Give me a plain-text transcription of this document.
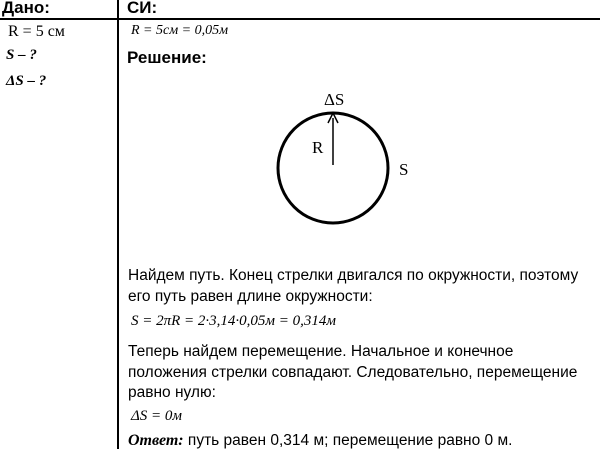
Дано:
R = 5 см
S – ?
ΔS – ?
СИ:
R = 5см = 0,05м
Решение:
ΔS
R
S
Найдем путь. Конец стрелки двигался по окружности, поэтому
его путь равен длине окружности:
S = 2πR = 2·3,14·0,05м = 0,314м
Теперь найдем перемещение. Начальное и конечное
положения стрелки совпадают. Следовательно, перемещение
равно нулю:
ΔS = 0м
Ответ: путь равен 0,314 м; перемещение равно 0 м.
